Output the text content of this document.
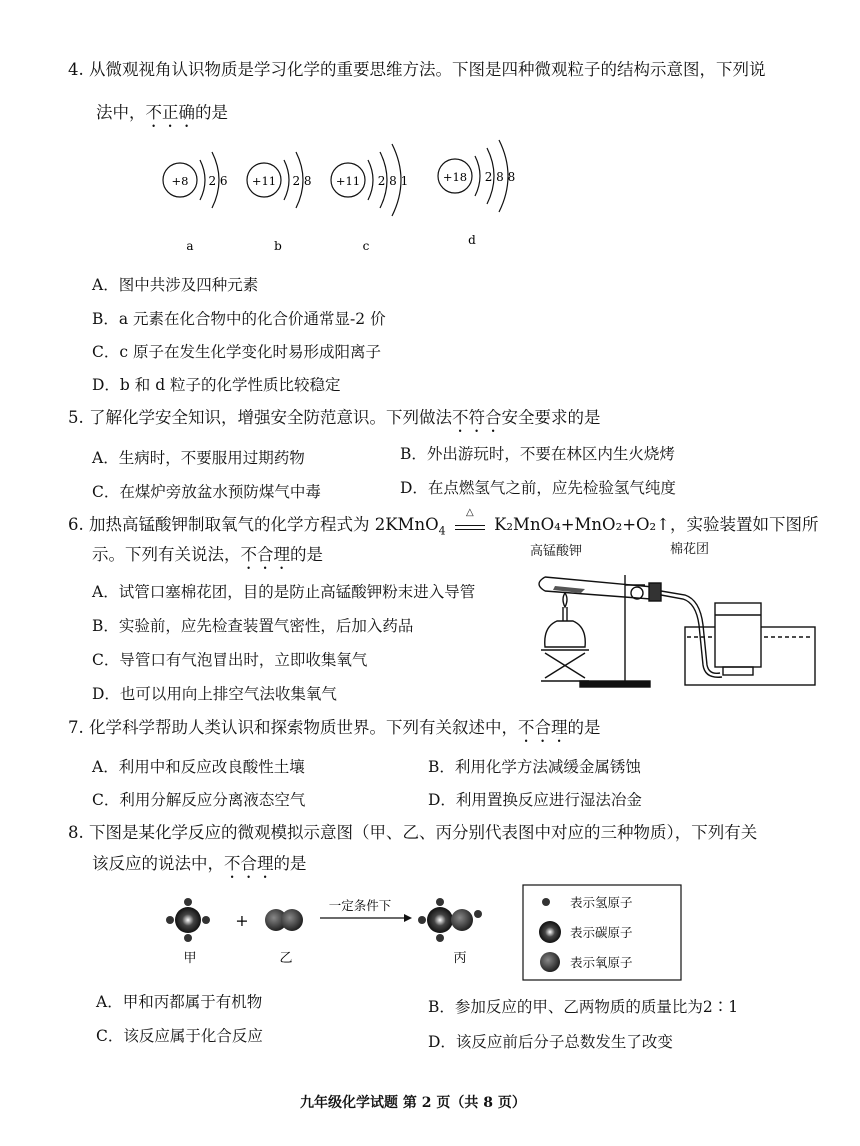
4. 从微观视角认识物质是学习化学的重要思维方法。下图是四种微观粒子的结构示意图，下列说
法中，不正确的是
+8 2 6
a
+11 2 8
b
+11 2 8 1
c
+18 2 8 8
d
A．图中共涉及四种元素
B．a 元素在化合物中的化合价通常显-2 价
C．c 原子在发生化学变化时易形成阳离子
D．b 和 d 粒子的化学性质比较稳定
5. 了解化学安全知识，增强安全防范意识。下列做法不符合安全要求的是
A．生病时，不要服用过期药物	B．外出游玩时，不要在林区内生火烧烤
C．在煤炉旁放盆水预防煤气中毒	D．在点燃氢气之前，应先检验氢气纯度
6. 加热高锰酸钾制取氧气的化学方程式为 2KMnO$_4$
△
K₂MnO₄+MnO₂+O₂↑，实验装置如下图所
示。下列有关说法，不合理的是	高锰酸钾	棉花团
A．试管口塞棉花团，目的是防止高锰酸钾粉末进入导管
B．实验前，应先检查装置气密性，后加入药品
C．导管口有气泡冒出时，立即收集氧气
D．也可以用向上排空气法收集氧气
7. 化学科学帮助人类认识和探索物质世界。下列有关叙述中，不合理的是
A．利用中和反应改良酸性土壤	B．利用化学方法减缓金属锈蚀
C．利用分解反应分离液态空气	D．利用置换反应进行湿法冶金
8. 下图是某化学反应的微观模拟示意图（甲、乙、丙分别代表图中对应的三种物质），下列有关
该反应的说法中，不合理的是
+
一定条件下
甲	乙	丙
表示氢原子
表示碳原子
表示氧原子
A．甲和丙都属于有机物	B．参加反应的甲、乙两物质的质量比为2∶1
C．该反应属于化合反应	D．该反应前后分子总数发生了改变
九年级化学试题 第 2 页（共 8 页）
